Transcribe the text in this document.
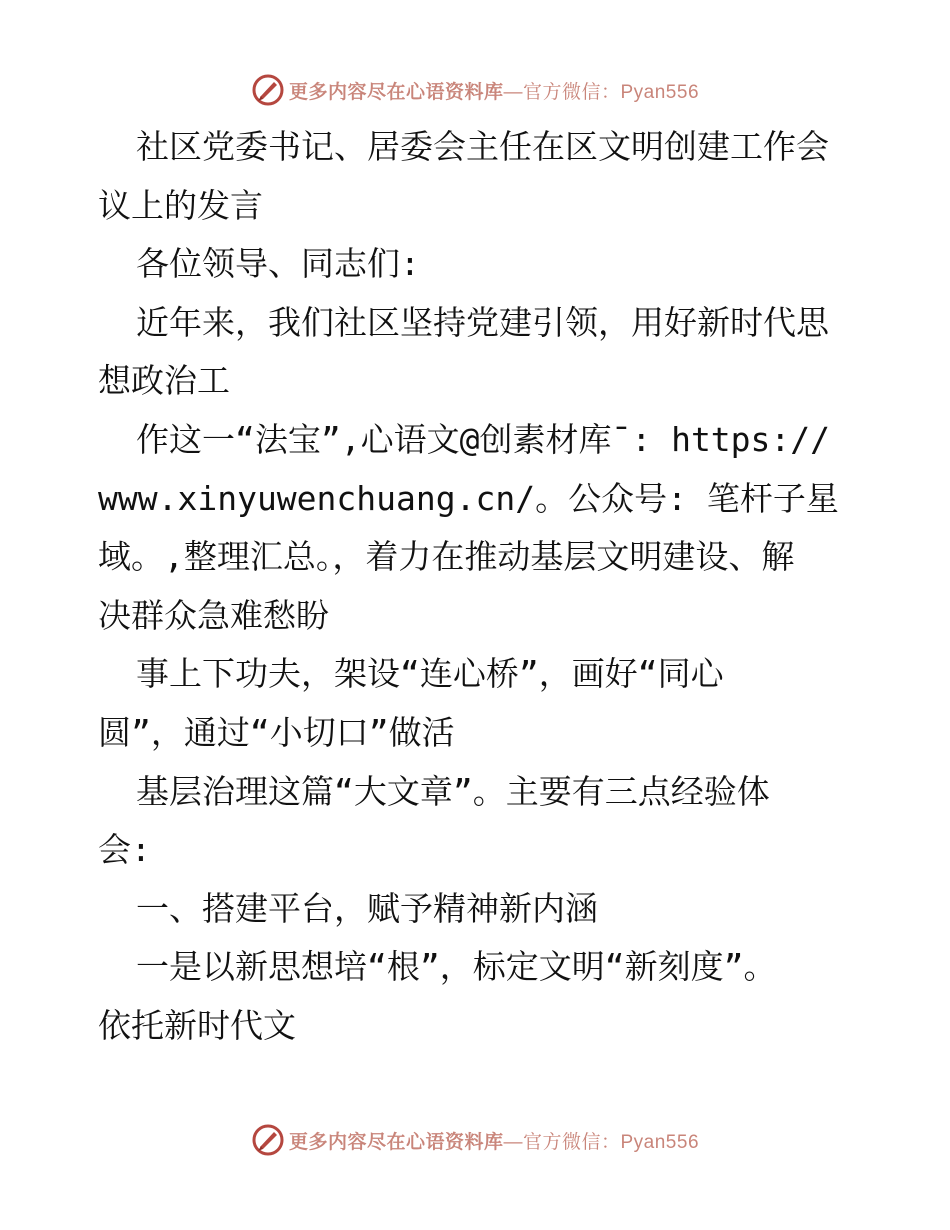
更多内容尽在心语资料库—官方微信：Pyan556
社区党委书记、居委会主任在区文明创建工作会
议上的发言
各位领导、同志们:
近年来，我们社区坚持党建引领，用好新时代思
想政治工
作这一“法宝”,心语文@创素材库¯: https://
www.xinyuwenchuang.cn/。公众号: 笔杆子星
域。,整理汇总。，着力在推动基层文明建设、解
决群众急难愁盼
事上下功夫，架设“连心桥”，画好“同心
圆”，通过“小切口”做活
基层治理这篇“大文章”。主要有三点经验体
会:
一、搭建平台，赋予精神新内涵
一是以新思想培“根”，标定文明“新刻度”。
依托新时代文
更多内容尽在心语资料库—官方微信：Pyan556
